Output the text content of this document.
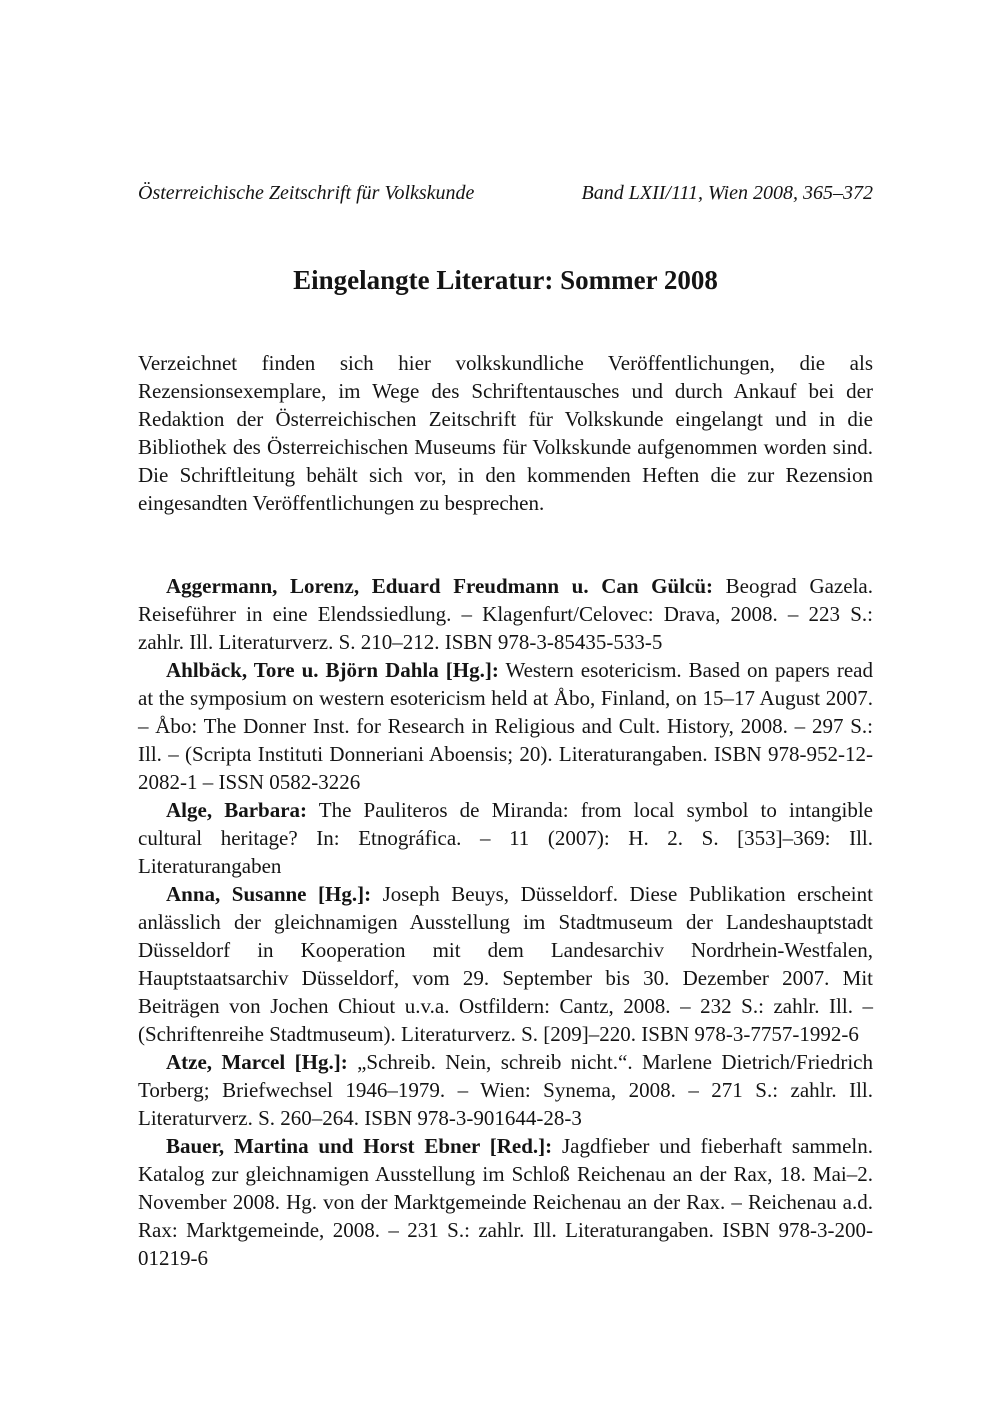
Österreichische Zeitschrift für Volkskunde	Band LXII/111, Wien 2008, 365–372
Eingelangte Literatur: Sommer 2008

Verzeichnet finden sich hier volkskundliche Veröffentlichungen, die als Rezensionsexemplare, im Wege des Schriftentausches und durch Ankauf bei der Redaktion der Österreichischen Zeitschrift für Volkskunde eingelangt und in die Bibliothek des Österreichischen Museums für Volkskunde aufgenommen worden sind. Die Schriftleitung behält sich vor, in den kommenden Heften die zur Rezension eingesandten Veröffentlichungen zu besprechen.

Aggermann, Lorenz, Eduard Freudmann u. Can Gülcü: Beograd Gazela. Reiseführer in eine Elendssiedlung. – Klagenfurt/Celovec: Drava, 2008. – 223 S.: zahlr. Ill. Literaturverz. S. 210–212. ISBN 978-3-85435-533-5

Ahlbäck, Tore u. Björn Dahla [Hg.]: Western esotericism. Based on papers read at the symposium on western esotericism held at Åbo, Finland, on 15–17 August 2007. – Åbo: The Donner Inst. for Research in Religious and Cult. History, 2008. – 297 S.: Ill. – (Scripta Instituti Donneriani Aboensis; 20). Literaturangaben. ISBN 978-952-12-2082-1 – ISSN 0582-3226

Alge, Barbara: The Pauliteros de Miranda: from local symbol to intangible cultural heritage? In: Etnográfica. – 11 (2007): H. 2. S. [353]–369: Ill. Literaturangaben

Anna, Susanne [Hg.]: Joseph Beuys, Düsseldorf. Diese Publikation erscheint anlässlich der gleichnamigen Ausstellung im Stadtmuseum der Landeshauptstadt Düsseldorf in Kooperation mit dem Landesarchiv Nordrhein-Westfalen, Hauptstaatsarchiv Düsseldorf, vom 29. September bis 30. Dezember 2007. Mit Beiträgen von Jochen Chiout u.v.a. Ostfildern: Cantz, 2008. – 232 S.: zahlr. Ill. – (Schriftenreihe Stadtmuseum). Literaturverz. S. [209]–220. ISBN 978-3-7757-1992-6

Atze, Marcel [Hg.]: „Schreib. Nein, schreib nicht.“. Marlene Dietrich/Friedrich Torberg; Briefwechsel 1946–1979. – Wien: Synema, 2008. – 271 S.: zahlr. Ill. Literaturverz. S. 260–264. ISBN 978-3-901644-28-3

Bauer, Martina und Horst Ebner [Red.]: Jagdfieber und fieberhaft sammeln. Katalog zur gleichnamigen Ausstellung im Schloß Reichenau an der Rax, 18. Mai–2. November 2008. Hg. von der Marktgemeinde Reichenau an der Rax. – Reichenau a.d. Rax: Marktgemeinde, 2008. – 231 S.: zahlr. Ill. Literaturangaben. ISBN 978-3-200-01219-6
